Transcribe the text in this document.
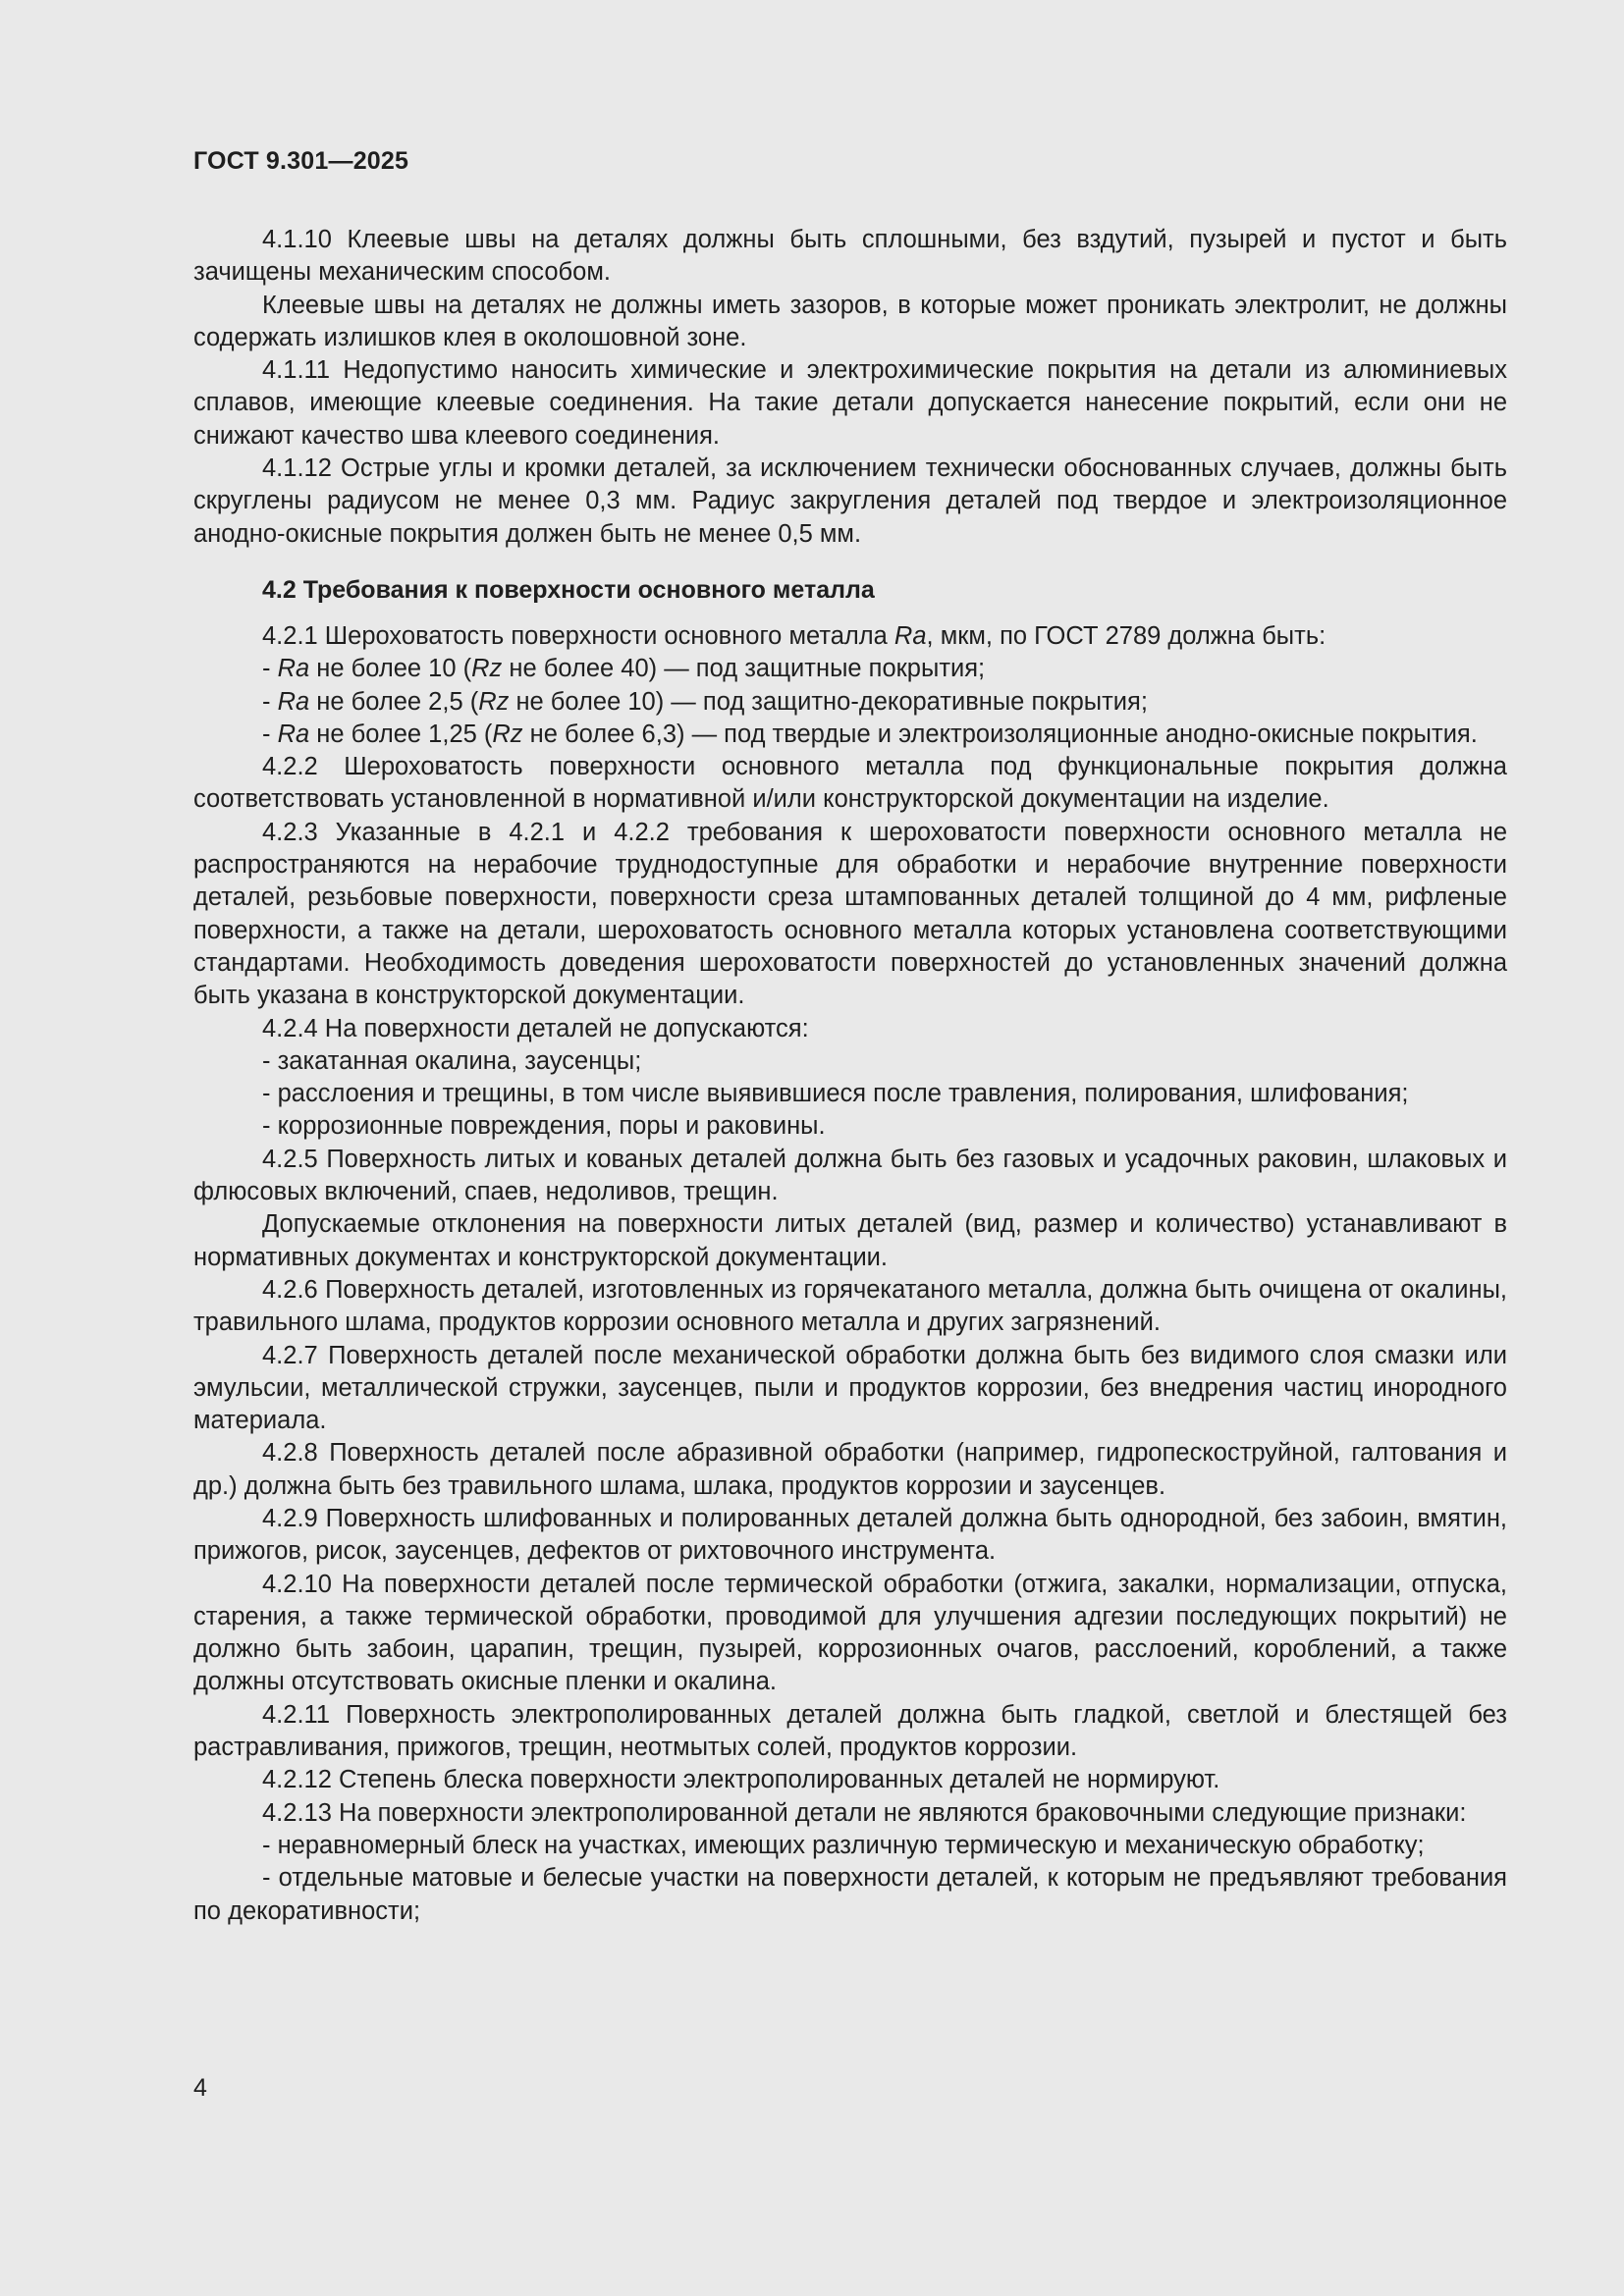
ГОСТ 9.301—2025

4.1.10 Клеевые швы на деталях должны быть сплошными, без вздутий, пузырей и пустот и быть зачищены механическим способом.

Клеевые швы на деталях не должны иметь зазоров, в которые может проникать электролит, не должны содержать излишков клея в околошовной зоне.

4.1.11 Недопустимо наносить химические и электрохимические покрытия на детали из алюминиевых сплавов, имеющие клеевые соединения. На такие детали допускается нанесение покрытий, если они не снижают качество шва клеевого соединения.

4.1.12 Острые углы и кромки деталей, за исключением технически обоснованных случаев, должны быть скруглены радиусом не менее 0,3 мм. Радиус закругления деталей под твердое и электроизоляционное анодно-окисные покрытия должен быть не менее 0,5 мм.

4.2 Требования к поверхности основного металла

4.2.1 Шероховатость поверхности основного металла Ra, мкм, по ГОСТ 2789 должна быть:

- Ra не более 10 (Rz не более 40) — под защитные покрытия;

- Ra не более 2,5 (Rz не более 10) — под защитно-декоративные покрытия;

- Ra не более 1,25 (Rz не более 6,3) — под твердые и электроизоляционные анодно-окисные покрытия.

4.2.2 Шероховатость поверхности основного металла под функциональные покрытия должна соответствовать установленной в нормативной и/или конструкторской документации на изделие.

4.2.3 Указанные в 4.2.1 и 4.2.2 требования к шероховатости поверхности основного металла не распространяются на нерабочие труднодоступные для обработки и нерабочие внутренние поверхности деталей, резьбовые поверхности, поверхности среза штампованных деталей толщиной до 4 мм, рифленые поверхности, а также на детали, шероховатость основного металла которых установлена соответствующими стандартами. Необходимость доведения шероховатости поверхностей до установленных значений должна быть указана в конструкторской документации.

4.2.4 На поверхности деталей не допускаются:

- закатанная окалина, заусенцы;

- расслоения и трещины, в том числе выявившиеся после травления, полирования, шлифования;

- коррозионные повреждения, поры и раковины.

4.2.5 Поверхность литых и кованых деталей должна быть без газовых и усадочных раковин, шлаковых и флюсовых включений, спаев, недоливов, трещин.

Допускаемые отклонения на поверхности литых деталей (вид, размер и количество) устанавливают в нормативных документах и конструкторской документации.

4.2.6 Поверхность деталей, изготовленных из горячекатаного металла, должна быть очищена от окалины, травильного шлама, продуктов коррозии основного металла и других загрязнений.

4.2.7 Поверхность деталей после механической обработки должна быть без видимого слоя смазки или эмульсии, металлической стружки, заусенцев, пыли и продуктов коррозии, без внедрения частиц инородного материала.

4.2.8 Поверхность деталей после абразивной обработки (например, гидропескоструйной, галтования и др.) должна быть без травильного шлама, шлака, продуктов коррозии и заусенцев.

4.2.9 Поверхность шлифованных и полированных деталей должна быть однородной, без забоин, вмятин, прижогов, рисок, заусенцев, дефектов от рихтовочного инструмента.

4.2.10 На поверхности деталей после термической обработки (отжига, закалки, нормализации, отпуска, старения, а также термической обработки, проводимой для улучшения адгезии последующих покрытий) не должно быть забоин, царапин, трещин, пузырей, коррозионных очагов, расслоений, короблений, а также должны отсутствовать окисные пленки и окалина.

4.2.11 Поверхность электрополированных деталей должна быть гладкой, светлой и блестящей без растравливания, прижогов, трещин, неотмытых солей, продуктов коррозии.

4.2.12 Степень блеска поверхности электрополированных деталей не нормируют.

4.2.13 На поверхности электрополированной детали не являются браковочными следующие признаки:

- неравномерный блеск на участках, имеющих различную термическую и механическую обработку;

- отдельные матовые и белесые участки на поверхности деталей, к которым не предъявляют требования по декоративности;

4
